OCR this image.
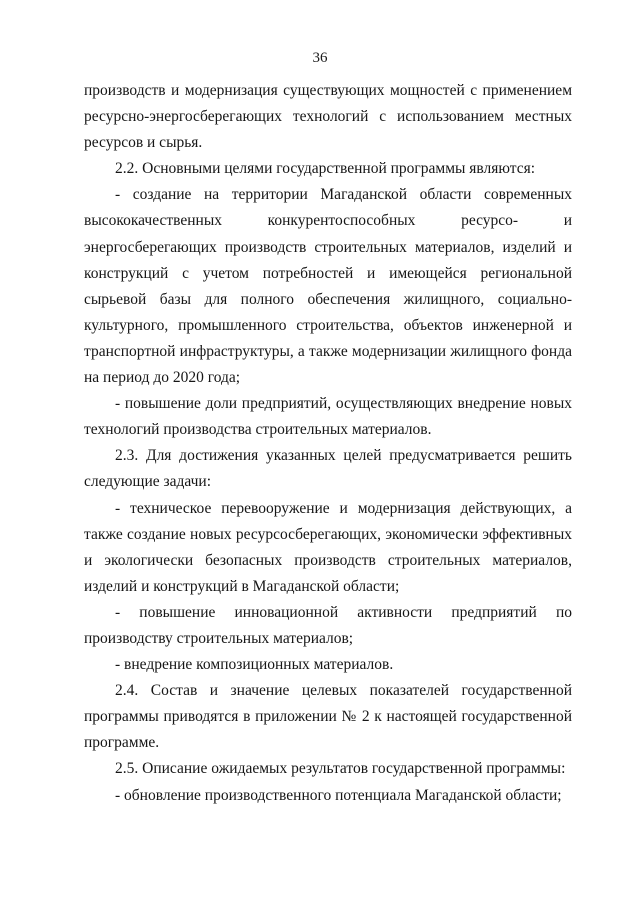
36

производств и модернизация существующих мощностей с применением ресурсно-энергосберегающих технологий с использованием местных ресурсов и сырья.

2.2. Основными целями государственной программы являются:

- создание на территории Магаданской области современных высококачественных конкурентоспособных ресурсо- и энергосберегающих производств строительных материалов, изделий и конструкций с учетом потребностей и имеющейся региональной сырьевой базы для полного обеспечения жилищного, социально-культурного, промышленного строительства, объектов инженерной и транспортной инфраструктуры, а также модернизации жилищного фонда на период до 2020 года;

- повышение доли предприятий, осуществляющих внедрение новых технологий производства строительных материалов.

2.3. Для достижения указанных целей предусматривается решить следующие задачи:

- техническое перевооружение и модернизация действующих, а также создание новых ресурсосберегающих, экономически эффективных и экологически безопасных производств строительных материалов, изделий и конструкций в Магаданской области;

- повышение инновационной активности предприятий по производству строительных материалов;

- внедрение композиционных материалов.

2.4. Состав и значение целевых показателей государственной программы приводятся в приложении № 2 к настоящей государственной программе.

2.5. Описание ожидаемых результатов государственной программы:

- обновление производственного потенциала Магаданской области;
